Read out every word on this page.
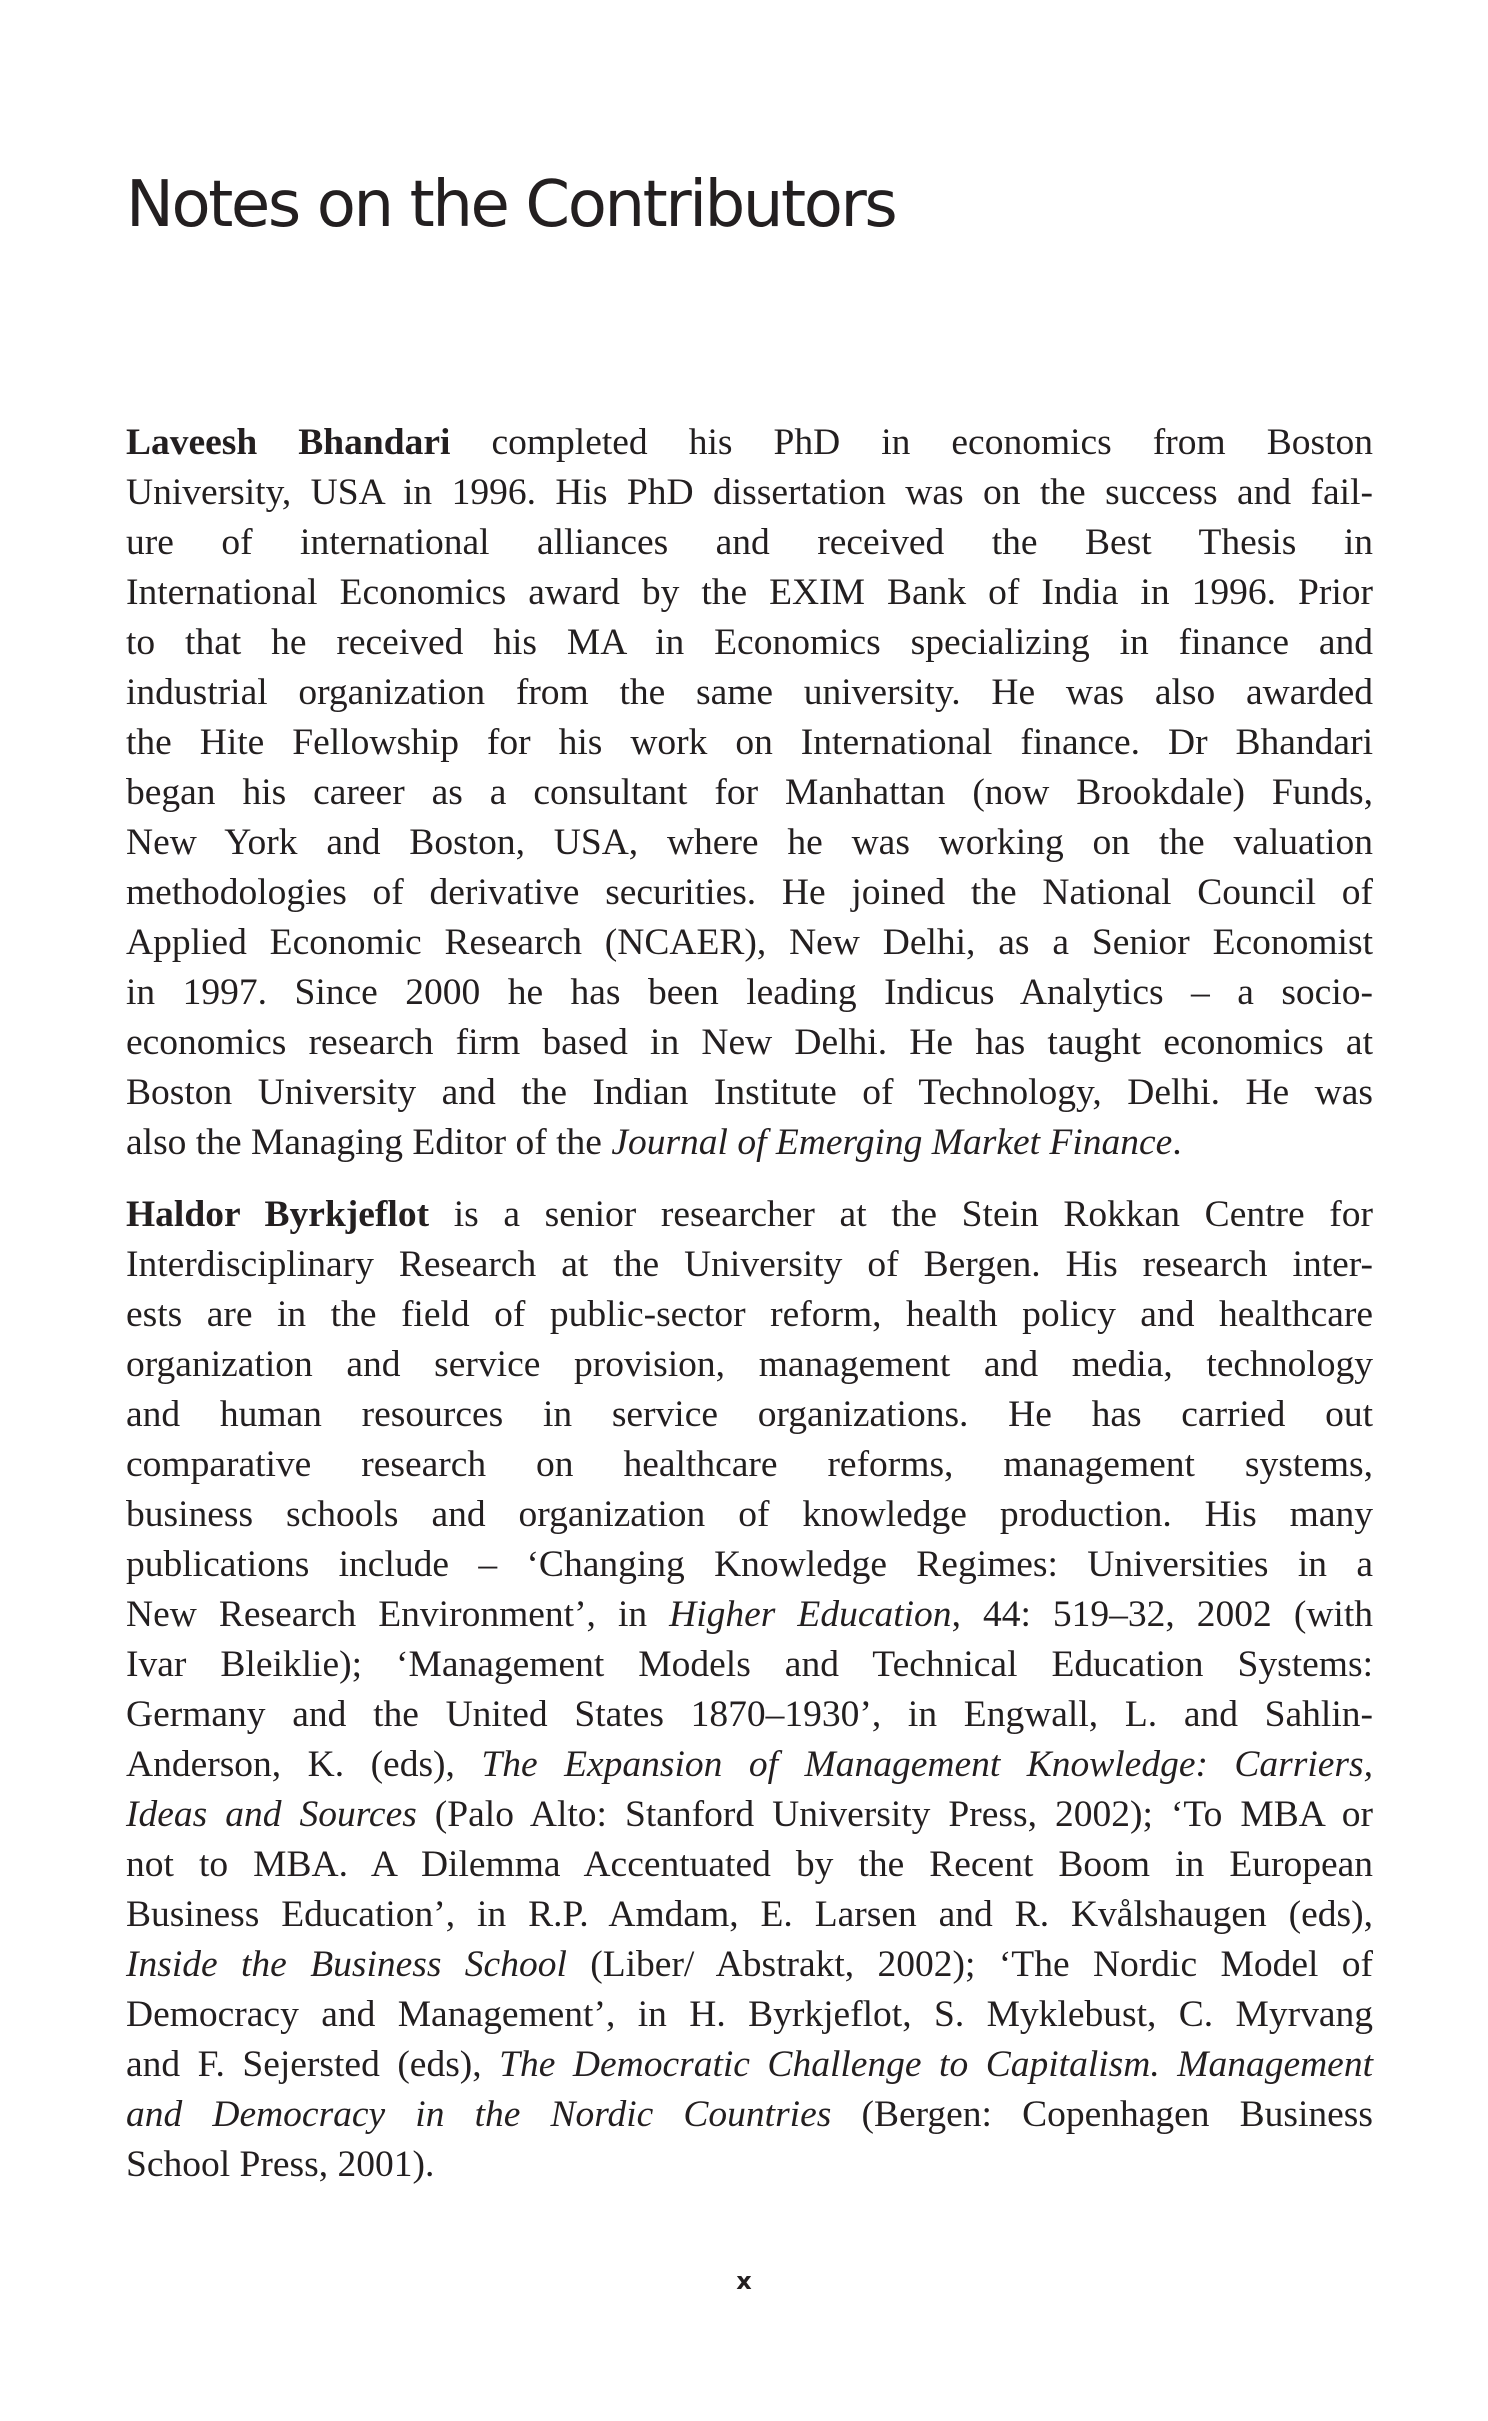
Notes on the Contributors
Laveesh Bhandari completed his PhD in economics from Boston
University, USA in 1996. His PhD dissertation was on the success and fail-
ure of international alliances and received the Best Thesis in
International Economics award by the EXIM Bank of India in 1996. Prior
to that he received his MA in Economics specializing in finance and
industrial organization from the same university. He was also awarded
the Hite Fellowship for his work on International finance. Dr Bhandari
began his career as a consultant for Manhattan (now Brookdale) Funds,
New York and Boston, USA, where he was working on the valuation
methodologies of derivative securities. He joined the National Council of
Applied Economic Research (NCAER), New Delhi, as a Senior Economist
in 1997. Since 2000 he has been leading Indicus Analytics – a socio-
economics research firm based in New Delhi. He has taught economics at
Boston University and the Indian Institute of Technology, Delhi. He was
also the Managing Editor of the Journal of Emerging Market Finance.
Haldor Byrkjeflot is a senior researcher at the Stein Rokkan Centre for
Interdisciplinary Research at the University of Bergen. His research inter-
ests are in the field of public-sector reform, health policy and healthcare
organization and service provision, management and media, technology
and human resources in service organizations. He has carried out
comparative research on healthcare reforms, management systems,
business schools and organization of knowledge production. His many
publications include – ‘Changing Knowledge Regimes: Universities in a
New Research Environment’, in Higher Education, 44: 519–32, 2002 (with
Ivar Bleiklie); ‘Management Models and Technical Education Systems:
Germany and the United States 1870–1930’, in Engwall, L. and Sahlin-
Anderson, K. (eds), The Expansion of Management Knowledge: Carriers,
Ideas and Sources (Palo Alto: Stanford University Press, 2002); ‘To MBA or
not to MBA. A Dilemma Accentuated by the Recent Boom in European
Business Education’, in R.P. Amdam, E. Larsen and R. Kvålshaugen (eds),
Inside the Business School (Liber/ Abstrakt, 2002); ‘The Nordic Model of
Democracy and Management’, in H. Byrkjeflot, S. Myklebust, C. Myrvang
and F. Sejersted (eds), The Democratic Challenge to Capitalism. Management
and Democracy in the Nordic Countries (Bergen: Copenhagen Business
School Press, 2001).
x
